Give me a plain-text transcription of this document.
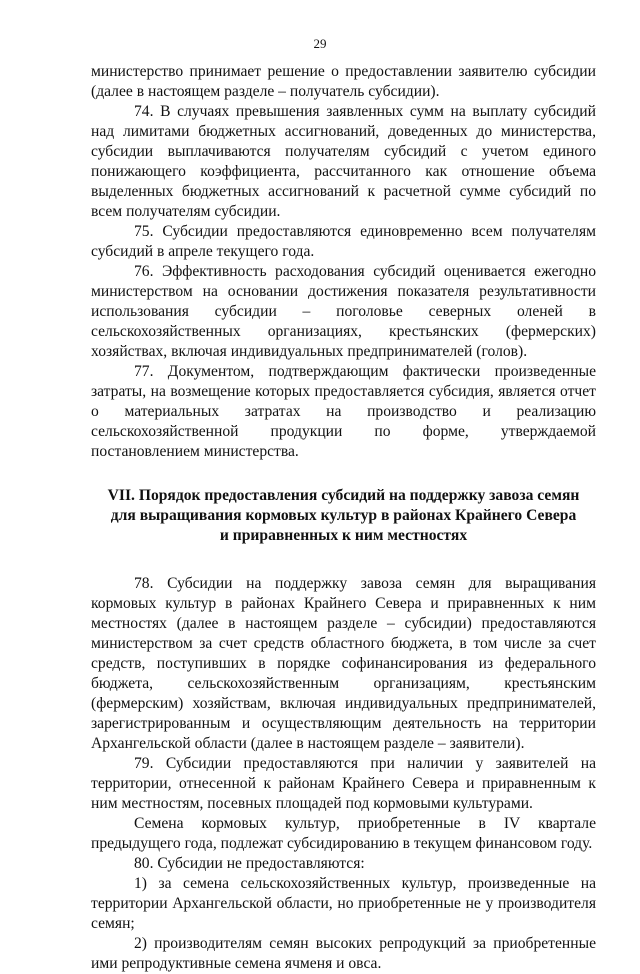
29

министерство принимает решение о предоставлении заявителю субсидии (далее в настоящем разделе – получатель субсидии).

74. В случаях превышения заявленных сумм на выплату субсидий над лимитами бюджетных ассигнований, доведенных до министерства, субсидии выплачиваются получателям субсидий с учетом единого понижающего коэффициента, рассчитанного как отношение объема выделенных бюджетных ассигнований к расчетной сумме субсидий по всем получателям субсидии.

75. Субсидии предоставляются единовременно всем получателям субсидий в апреле текущего года.

76. Эффективность расходования субсидий оценивается ежегодно министерством на основании достижения показателя результативности использования субсидии – поголовье северных оленей в сельскохозяйственных организациях, крестьянских (фермерских) хозяйствах, включая индивидуальных предпринимателей (голов).

77. Документом, подтверждающим фактически произведенные затраты, на возмещение которых предоставляется субсидия, является отчет о материальных затратах на производство и реализацию сельскохозяйственной продукции по форме, утверждаемой постановлением министерства.

VII. Порядок предоставления субсидий на поддержку завоза семян
для выращивания кормовых культур в районах Крайнего Севера
и приравненных к ним местностях

78. Субсидии на поддержку завоза семян для выращивания кормовых культур в районах Крайнего Севера и приравненных к ним местностях (далее в настоящем разделе – субсидии) предоставляются министерством за счет средств областного бюджета, в том числе за счет средств, поступивших в порядке софинансирования из федерального бюджета, сельскохозяйственным организациям, крестьянским (фермерским) хозяйствам, включая индивидуальных предпринимателей, зарегистрированным и осуществляющим деятельность на территории Архангельской области (далее в настоящем разделе – заявители).

79. Субсидии предоставляются при наличии у заявителей на территории, отнесенной к районам Крайнего Севера и приравненным к ним местностям, посевных площадей под кормовыми культурами.

Семена кормовых культур, приобретенные в IV квартале предыдущего года, подлежат субсидированию в текущем финансовом году.

80. Субсидии не предоставляются:

1) за семена сельскохозяйственных культур, произведенные на территории Архангельской области, но приобретенные не у производителя семян;

2) производителям семян высоких репродукций за приобретенные ими репродуктивные семена ячменя и овса.
